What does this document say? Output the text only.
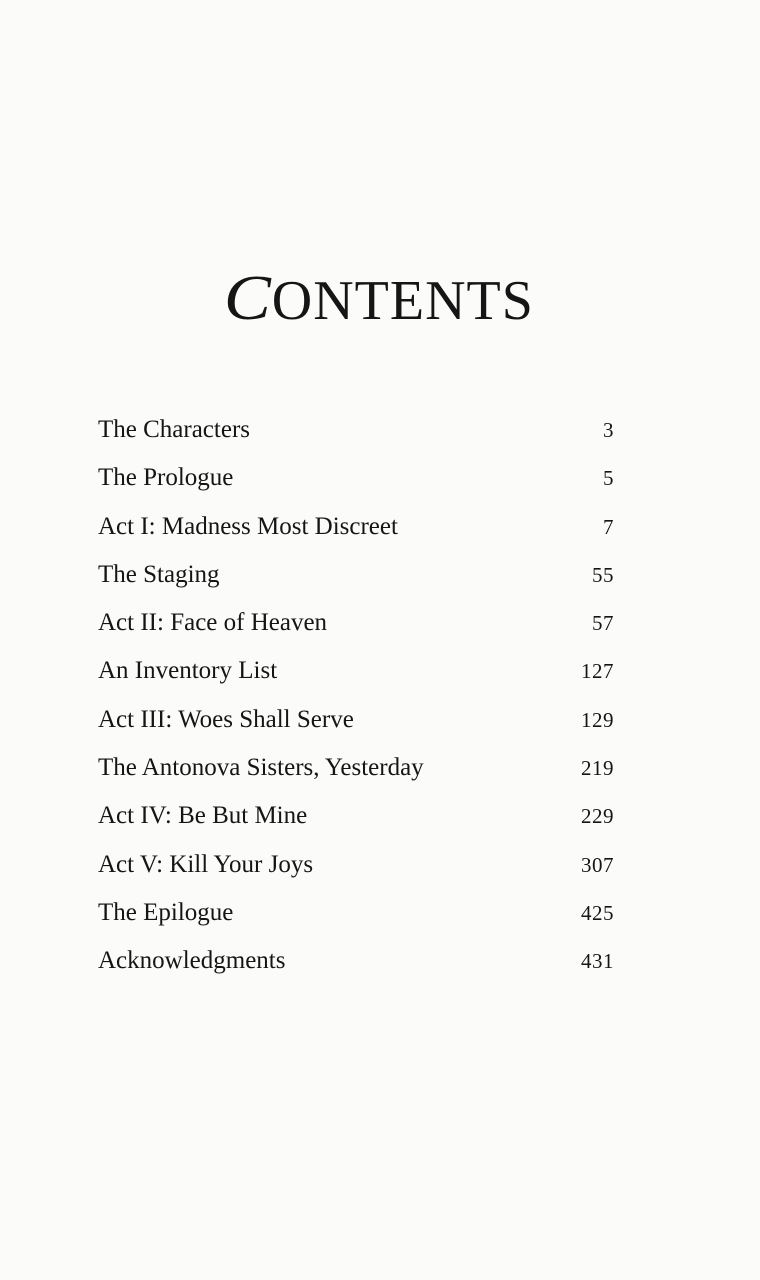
CONTENTS
The Characters	3
The Prologue	5
Act I: Madness Most Discreet	7
The Staging	55
Act II: Face of Heaven	57
An Inventory List	127
Act III: Woes Shall Serve	129
The Antonova Sisters, Yesterday	219
Act IV: Be But Mine	229
Act V: Kill Your Joys	307
The Epilogue	425
Acknowledgments	431
